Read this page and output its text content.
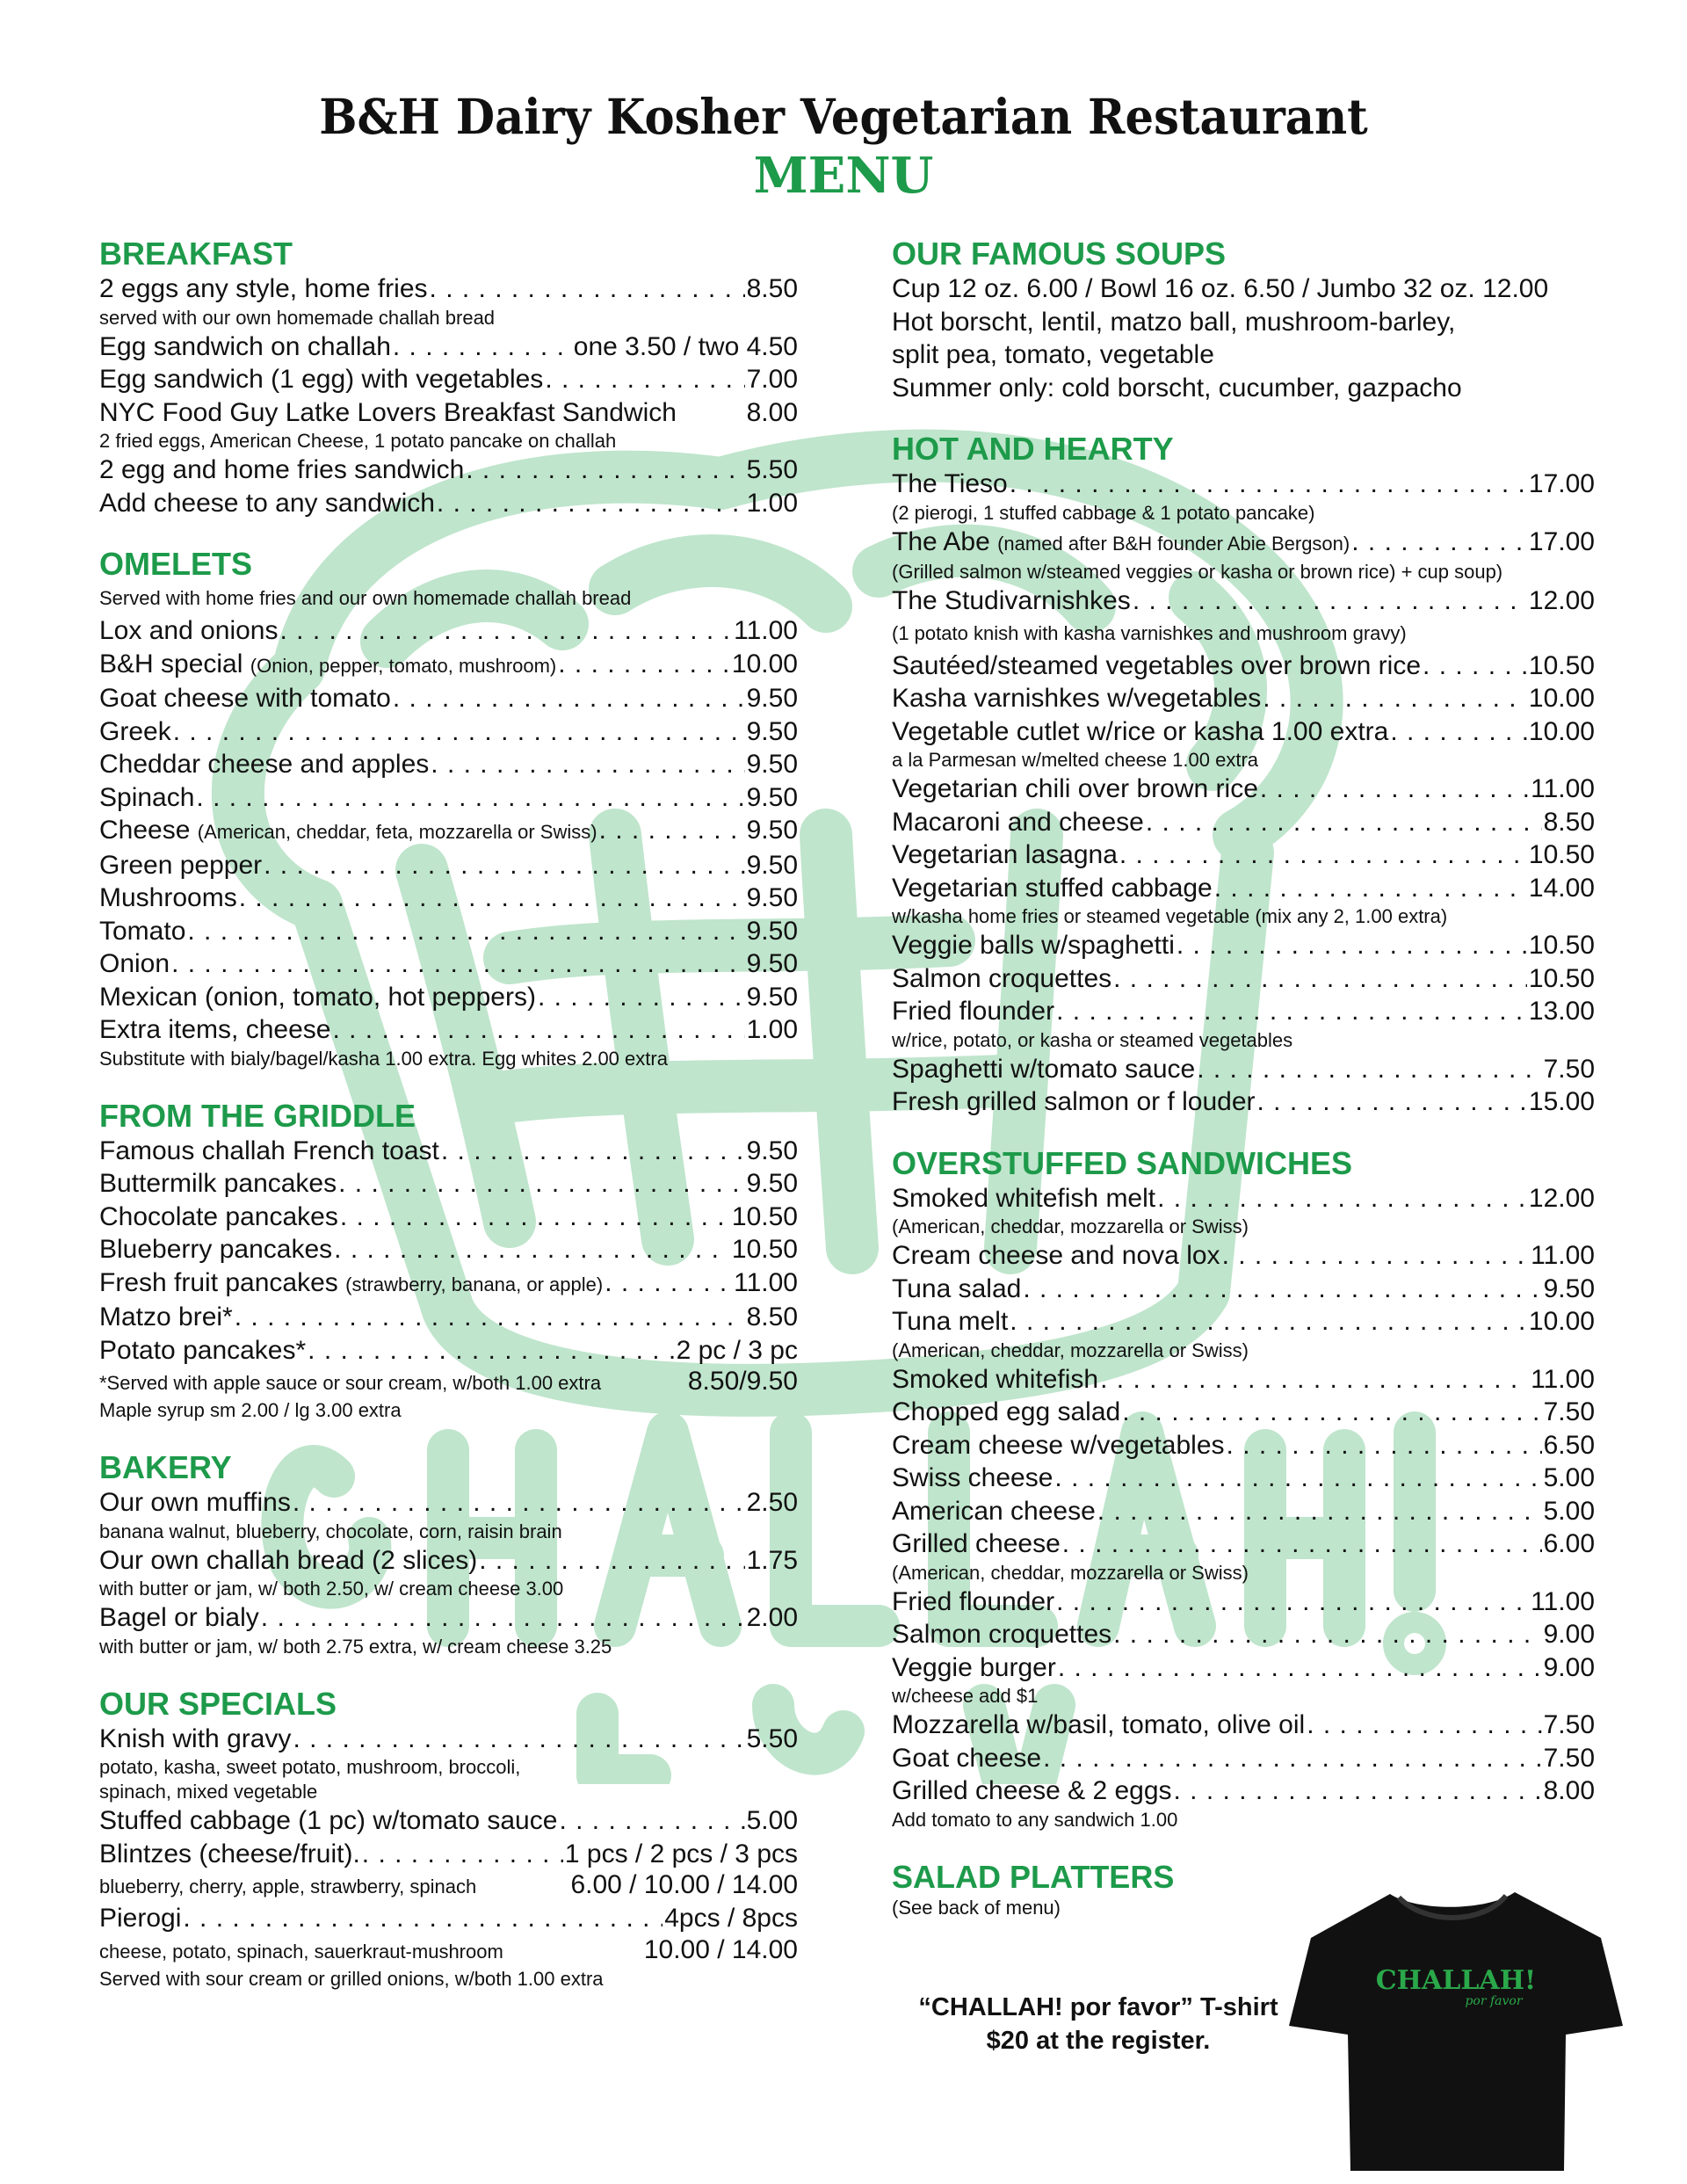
B&H Dairy Kosher Vegetarian Restaurant
MENU
BREAKFAST
2 eggs any style, home fries . . .	8.50
served with our own homemade challah bread
Egg sandwich on challah . . .	one 3.50 / two 4.50
Egg sandwich (1 egg) with vegetables . . .	7.00
NYC Food Guy Latke Lovers Breakfast Sandwich	8.00
2 fried eggs, American Cheese, 1 potato pancake on challah
2 egg and home fries sandwich . . .	5.50
Add cheese to any sandwich . . .	1.00
OMELETS
Served with home fries and our own homemade challah bread
Lox and onions . . .	11.00
B&H special (Onion, pepper, tomato, mushroom) . . .	10.00
Goat cheese with tomato . . .	9.50
Greek . . .	9.50
Cheddar cheese and apples . . .	9.50
Spinach . . .	9.50
Cheese (American, cheddar, feta, mozzarella or Swiss) . . .	9.50
Green pepper . . .	9.50
Mushrooms . . .	9.50
Tomato . . .	9.50
Onion . . .	9.50
Mexican (onion, tomato, hot peppers) . . .	9.50
Extra items, cheese . . .	1.00
Substitute with bialy/bagel/kasha 1.00 extra. Egg whites 2.00 extra
FROM THE GRIDDLE
Famous challah French toast . . .	9.50
Buttermilk pancakes . . .	9.50
Chocolate pancakes . . .	10.50
Blueberry pancakes . . .	10.50
Fresh fruit pancakes (strawberry, banana, or apple) . . .	11.00
Matzo brei* . . .	8.50
Potato pancakes* . . .	2 pc / 3 pc
*Served with apple sauce or sour cream, w/both 1.00 extra	8.50/9.50
Maple syrup sm 2.00 / lg 3.00 extra
BAKERY
Our own muffins . . .	2.50
banana walnut, blueberry, chocolate, corn, raisin brain
Our own challah bread (2 slices) . . .	1.75
with butter or jam, w/ both 2.50, w/ cream cheese 3.00
Bagel or bialy . . .	2.00
with butter or jam, w/ both 2.75 extra, w/ cream cheese 3.25
OUR SPECIALS
Knish with gravy . . .	5.50
potato, kasha, sweet potato, mushroom, broccoli,
spinach, mixed vegetable
Stuffed cabbage (1 pc) w/tomato sauce . . .	5.00
Blintzes (cheese/fruit). . . .	1 pcs / 2 pcs / 3 pcs
blueberry, cherry, apple, strawberry, spinach	6.00 / 10.00 / 14.00
Pierogi . . .	4pcs / 8pcs
cheese, potato, spinach, sauerkraut-mushroom	10.00 / 14.00
Served with sour cream or grilled onions, w/both 1.00 extra
OUR FAMOUS SOUPS
Cup 12 oz. 6.00 / Bowl 16 oz. 6.50 / Jumbo 32 oz. 12.00
Hot borscht, lentil, matzo ball, mushroom-barley,
split pea, tomato, vegetable
Summer only: cold borscht, cucumber, gazpacho
HOT AND HEARTY
The Tieso . . .	17.00
(2 pierogi, 1 stuffed cabbage & 1 potato pancake)
The Abe (named after B&H founder Abie Bergson) . . .	17.00
(Grilled salmon w/steamed veggies or kasha or brown rice) + cup soup)
The Studivarnishkes . . .	12.00
(1 potato knish with kasha varnishkes and mushroom gravy)
Sautéed/steamed vegetables over brown rice . . .	10.50
Kasha varnishkes w/vegetables . . .	10.00
Vegetable cutlet w/rice or kasha 1.00 extra . . .	10.00
a la Parmesan w/melted cheese 1.00 extra
Vegetarian chili over brown rice . . .	11.00
Macaroni and cheese . . .	8.50
Vegetarian lasagna . . .	10.50
Vegetarian stuffed cabbage . . .	14.00
w/kasha home fries or steamed vegetable (mix any 2, 1.00 extra)
Veggie balls w/spaghetti . . .	10.50
Salmon croquettes . . .	10.50
Fried flounder . . .	13.00
w/rice, potato, or kasha or steamed vegetables
Spaghetti w/tomato sauce . . .	7.50
Fresh grilled salmon or f louder . . .	15.00
OVERSTUFFED SANDWICHES
Smoked whitefish melt . . .	12.00
(American, cheddar, mozzarella or Swiss)
Cream cheese and nova lox . . .	11.00
Tuna salad . . .	9.50
Tuna melt . . .	10.00
(American, cheddar, mozzarella or Swiss)
Smoked whitefish . . .	11.00
Chopped egg salad . . .	7.50
Cream cheese w/vegetables . . .	6.50
Swiss cheese . . .	5.00
American cheese . . .	5.00
Grilled cheese . . .	6.00
(American, cheddar, mozzarella or Swiss)
Fried flounder . . .	11.00
Salmon croquettes . . .	9.00
Veggie burger . . .	9.00
w/cheese add $1
Mozzarella w/basil, tomato, olive oil . . .	7.50
Goat cheese . . .	7.50
Grilled cheese & 2 eggs . . .	8.00
Add tomato to any sandwich 1.00
SALAD PLATTERS
(See back of menu)
“CHALLAH! por favor” T-shirt
$20 at the register.
CHALLAH!
por favor
